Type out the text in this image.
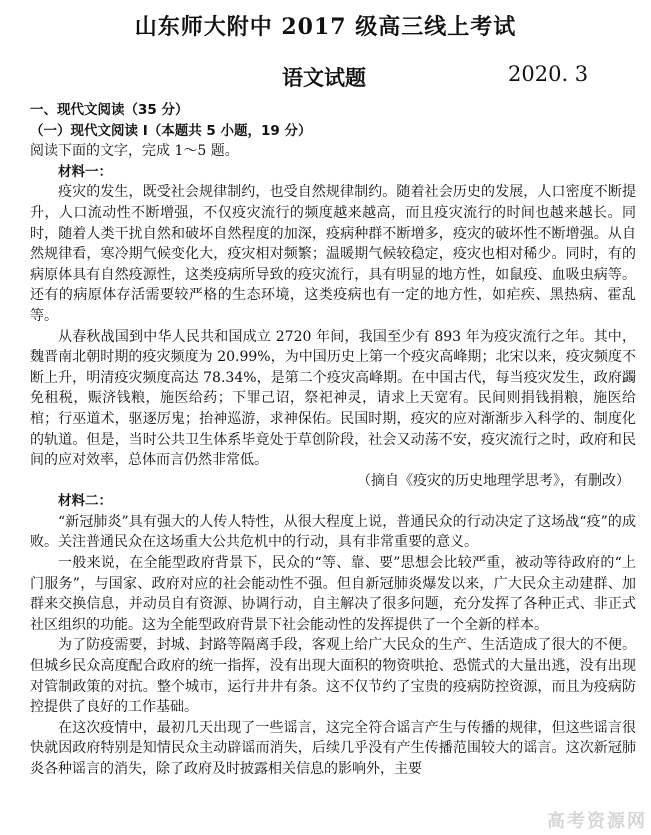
山东师大附中 2017 级高三线上考试
语文试题	2020. 3

一、现代文阅读（35 分）

（一）现代文阅读 I（本题共 5 小题，19 分）

阅读下面的文字，完成 1～5 题。

材料一：

疫灾的发生，既受社会规律制约，也受自然规律制约。随着社会历史的发展，人口密度不断提升，人口流动性不断增强，不仅疫灾流行的频度越来越高，而且疫灾流行的时间也越来越长。同时，随着人类干扰自然和破坏自然程度的加深，疫病种群不断增多，疫灾的破坏性不断增强。从自然规律看，寒冷期气候变化大，疫灾相对频繁；温暖期气候较稳定，疫灾也相对稀少。同时，有的病原体具有自然疫源性，这类疫病所导致的疫灾流行，具有明显的地方性，如鼠疫、血吸虫病等。还有的病原体存活需要较严格的生态环境，这类疫病也有一定的地方性，如疟疾、黑热病、霍乱等。

从春秋战国到中华人民共和国成立 2720 年间，我国至少有 893 年为疫灾流行之年。其中，魏晋南北朝时期的疫灾频度为 20.99%，为中国历史上第一个疫灾高峰期；北宋以来，疫灾频度不断上升，明清疫灾频度高达 78.34%，是第二个疫灾高峰期。在中国古代，每当疫灾发生，政府蠲免租税，赈济钱粮，施医给药；下罪己诏，祭祀神灵，请求上天宽宥。民间则捐钱捐粮，施医给棺；行巫道术，驱逐厉鬼；抬神巡游，求神保佑。民国时期，疫灾的应对渐渐步入科学的、制度化的轨道。但是，当时公共卫生体系毕竟处于草创阶段，社会又动荡不安，疫灾流行之时，政府和民间的应对效率，总体而言仍然非常低。

（摘自《疫灾的历史地理学思考》，有删改）

材料二：

“新冠肺炎”具有强大的人传人特性，从很大程度上说，普通民众的行动决定了这场战“疫”的成败。关注普通民众在这场重大公共危机中的行动，具有非常重要的意义。

一般来说，在全能型政府背景下，民众的“等、靠、要”思想会比较严重，被动等待政府的“上门服务”，与国家、政府对应的社会能动性不强。但自新冠肺炎爆发以来，广大民众主动建群、加群来交换信息，并动员自有资源、协调行动，自主解决了很多问题，充分发挥了各种正式、非正式社区组织的功能。这为全能型政府背景下社会能动性的发挥提供了一个全新的样本。

为了防疫需要，封城、封路等隔离手段，客观上给广大民众的生产、生活造成了很大的不便。但城乡民众高度配合政府的统一指挥，没有出现大面积的物资哄抢、恐慌式的大量出逃，没有出现对管制政策的对抗。整个城市，运行井井有条。这不仅节约了宝贵的疫病防控资源，而且为疫病防控提供了良好的工作基础。

在这次疫情中，最初几天出现了一些谣言，这完全符合谣言产生与传播的规律，但这些谣言很快就因政府特别是知情民众主动辟谣而消失，后续几乎没有产生传播范围较大的谣言。这次新冠肺炎各种谣言的消失，除了政府及时披露相关信息的影响外，主要

高考资源网
